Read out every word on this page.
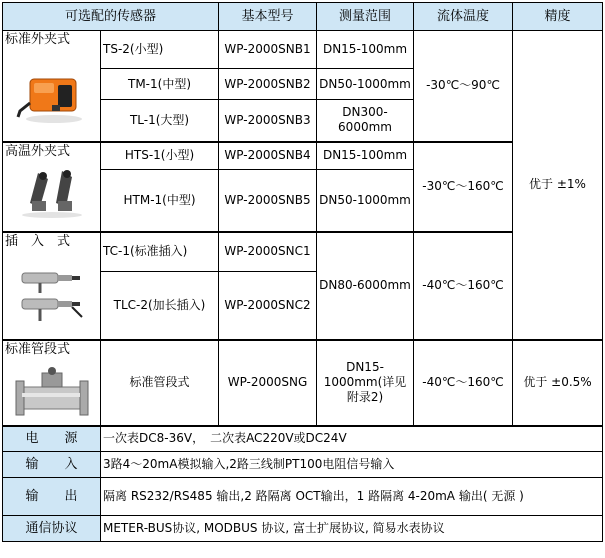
可选配的传感器		基本型号	测量范围	流体温度	精度

标准外夹式	TS-2(小型)	WP-2000SNB1	DN15-100mm	-30℃～90℃	优于 ±1%
	TM-1(中型)	WP-2000SNB2	DN50-1000mm		
	TL-1(大型)	WP-2000SNB3	DN300-6000mm		

高温外夹式	HTS-1(小型)	WP-2000SNB4	DN15-100mm	-30℃～160℃	
	HTM-1(中型)	WP-2000SNB5	DN50-1000mm		

插　入　式	TC-1(标准插入)	WP-2000SNC1	DN80-6000mm	-40℃～160℃	
	TLC-2(加长插入)	WP-2000SNC2			

标准管段式	标准管段式	WP-2000SNG	DN15-1000mm(详见附录2)	-40℃～160℃	优于 ±0.5%
电　　源	一次表DC8-36V，　二次表AC220V或DC24V				
输　　入	3路4～20mA模拟输入,2路三线制PT100电阻信号输入				
输　　出	隔离 RS232/RS485 输出,2 路隔离 OCT输出，1 路隔离 4-20mA 输出( 无源 )				
通信协议	METER-BUS协议, MODBUS 协议, 富士扩展协议, 简易水表协议				
